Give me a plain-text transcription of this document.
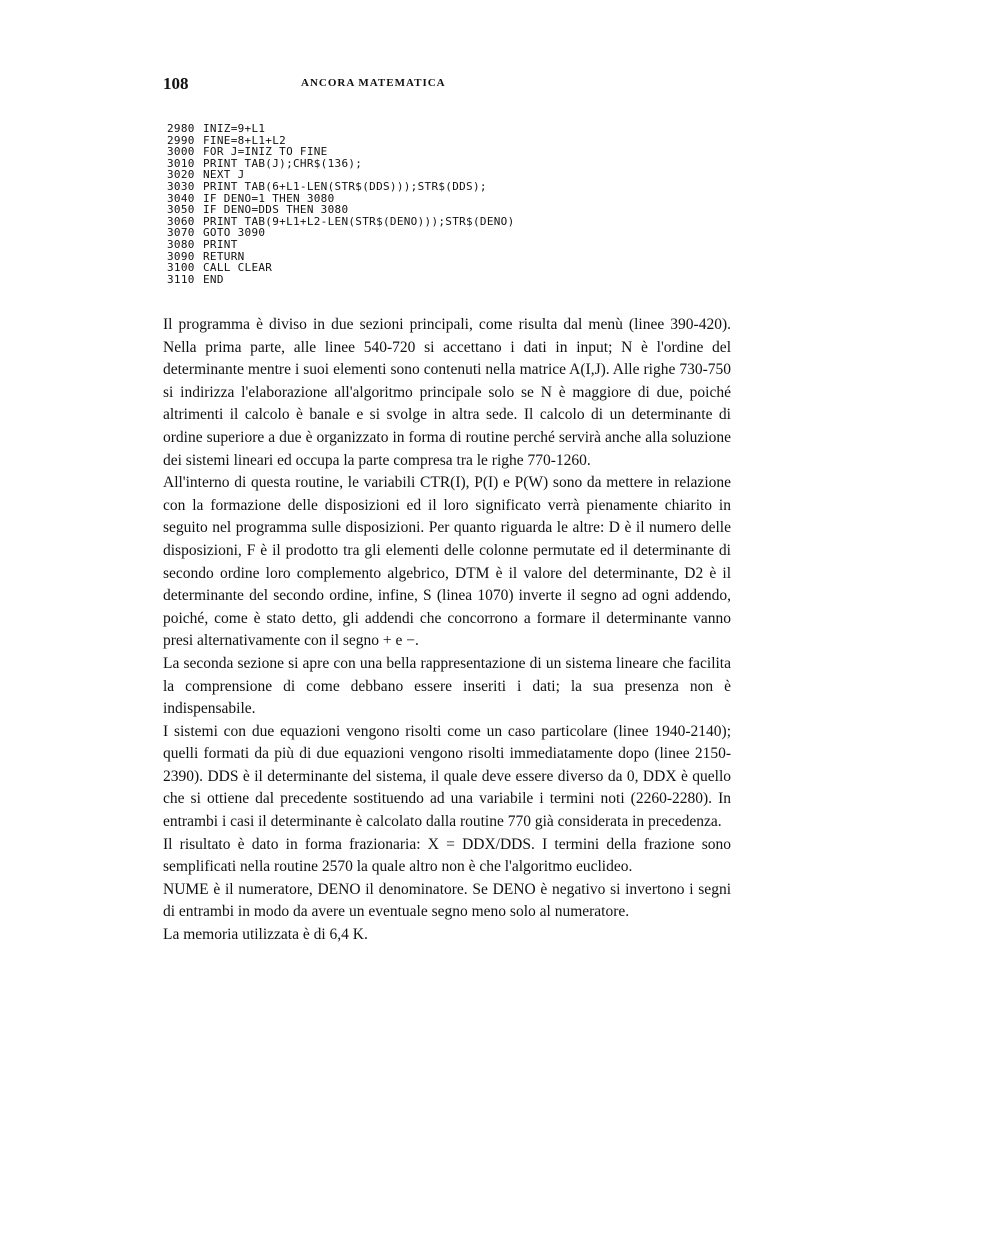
108	ANCORA MATEMATICA
2980 INIZ=9+L1
2990 FINE=8+L1+L2
3000 FOR J=INIZ TO FINE
3010 PRINT TAB(J);CHR$(136);
3020 NEXT J
3030 PRINT TAB(6+L1-LEN(STR$(DDS)));STR$(DDS);
3040 IF DENO=1 THEN 3080
3050 IF DENO=DDS THEN 3080
3060 PRINT TAB(9+L1+L2-LEN(STR$(DENO)));STR$(DENO)
3070 GOTO 3090
3080 PRINT
3090 RETURN
3100 CALL CLEAR
3110 END

Il programma è diviso in due sezioni principali, come risulta dal menù (linee 390-420). Nella prima parte, alle linee 540-720 si accettano i dati in input; N è l'ordine del determinante mentre i suoi elementi sono contenuti nella matrice A(I,J). Alle righe 730-750 si indirizza l'elaborazione all'algoritmo principale solo se N è maggiore di due, poiché altrimenti il calcolo è banale e si svolge in altra sede. Il calcolo di un determinante di ordine superiore a due è organizzato in forma di routine perché servirà anche alla soluzione dei sistemi lineari ed occupa la parte compresa tra le righe 770-1260.

All'interno di questa routine, le variabili CTR(I), P(I) e P(W) sono da mettere in relazione con la formazione delle disposizioni ed il loro significato verrà pienamente chiarito in seguito nel programma sulle disposizioni. Per quanto riguarda le altre: D è il numero delle disposizioni, F è il prodotto tra gli elementi delle colonne permutate ed il determinante di secondo ordine loro complemento algebrico, DTM è il valore del determinante, D2 è il determinante del secondo ordine, infine, S (linea 1070) inverte il segno ad ogni addendo, poiché, come è stato detto, gli addendi che concorrono a formare il determinante vanno presi alternativamente con il segno + e −.

La seconda sezione si apre con una bella rappresentazione di un sistema lineare che facilita la comprensione di come debbano essere inseriti i dati; la sua presenza non è indispensabile.

I sistemi con due equazioni vengono risolti come un caso particolare (linee 1940-2140); quelli formati da più di due equazioni vengono risolti immediatamente dopo (linee 2150-2390). DDS è il determinante del sistema, il quale deve essere diverso da 0, DDX è quello che si ottiene dal precedente sostituendo ad una variabile i termini noti (2260-2280). In entrambi i casi il determinante è calcolato dalla routine 770 già considerata in precedenza.

Il risultato è dato in forma frazionaria: X = DDX/DDS. I termini della frazione sono semplificati nella routine 2570 la quale altro non è che l'algoritmo euclideo.

NUME è il numeratore, DENO il denominatore. Se DENO è negativo si invertono i segni di entrambi in modo da avere un eventuale segno meno solo al numeratore.

La memoria utilizzata è di 6,4 K.
